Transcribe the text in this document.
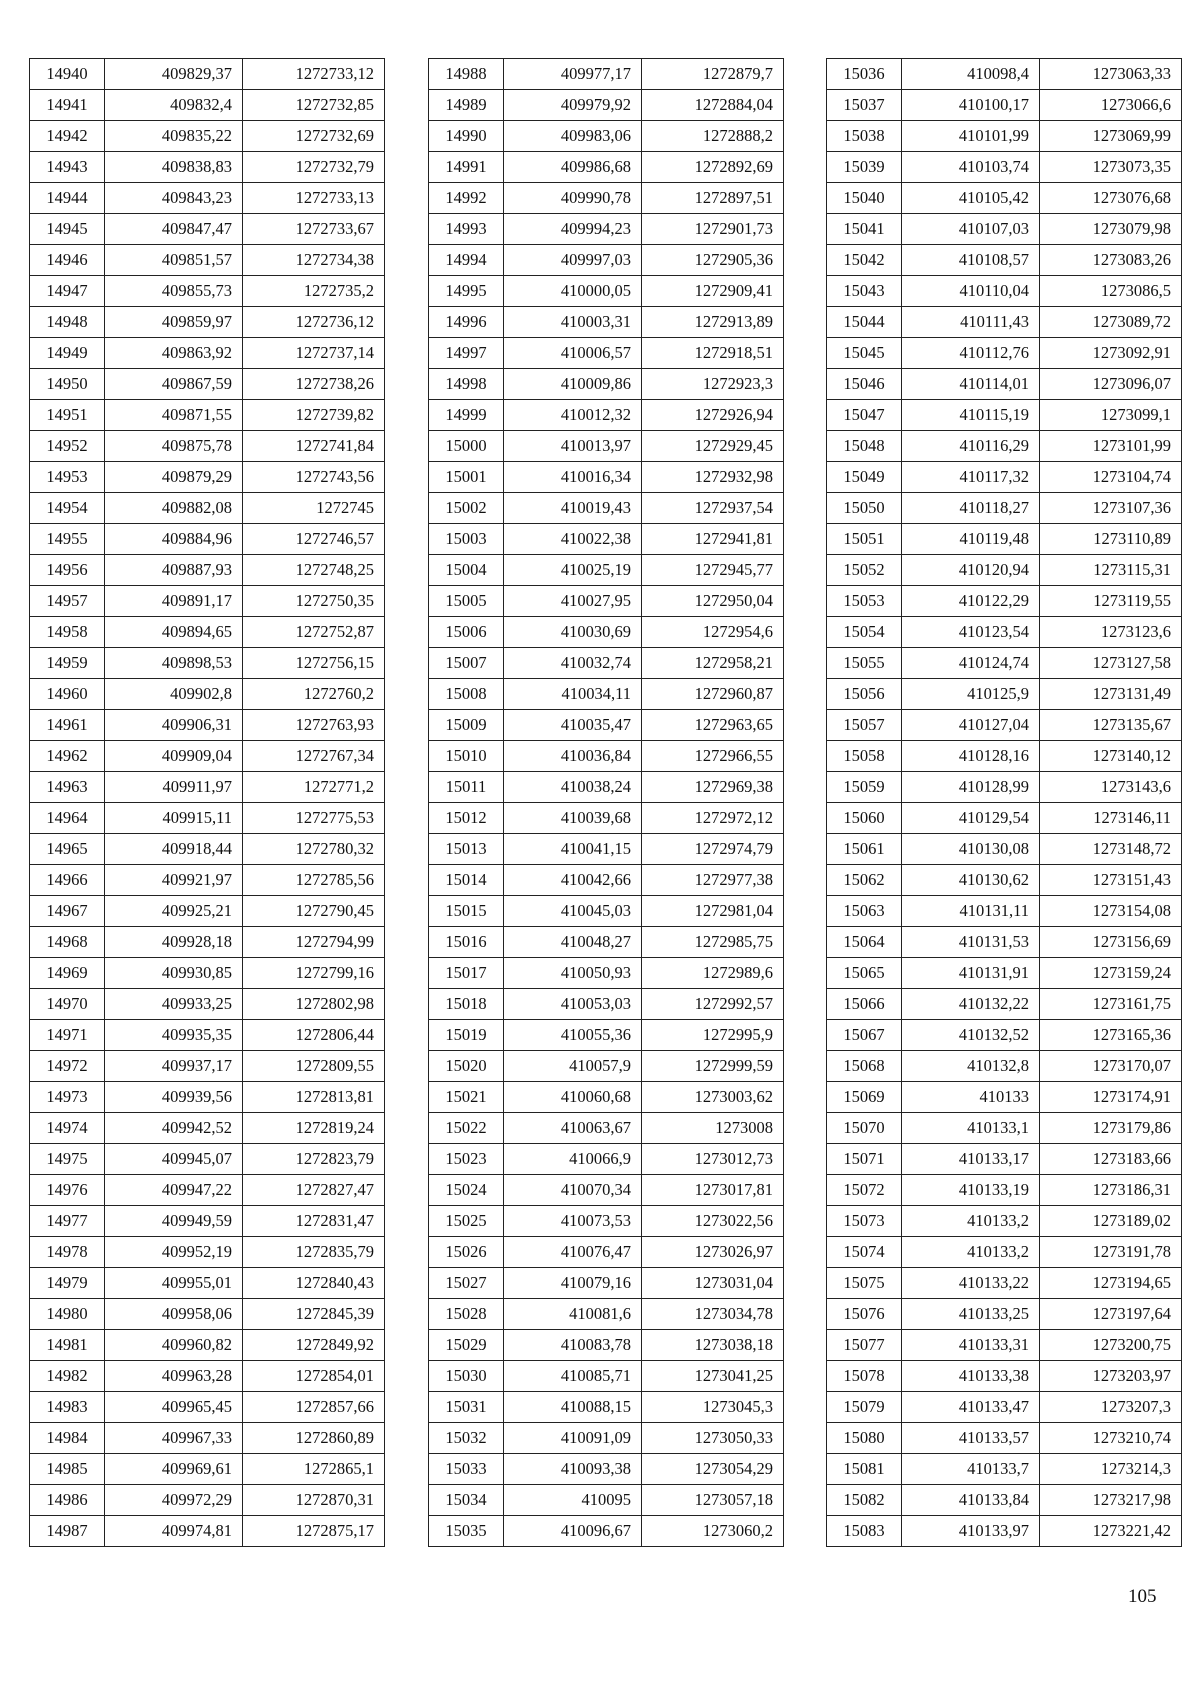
14940	409829,37	1272733,12
14941	409832,4	1272732,85
14942	409835,22	1272732,69
14943	409838,83	1272732,79
14944	409843,23	1272733,13
14945	409847,47	1272733,67
14946	409851,57	1272734,38
14947	409855,73	1272735,2
14948	409859,97	1272736,12
14949	409863,92	1272737,14
14950	409867,59	1272738,26
14951	409871,55	1272739,82
14952	409875,78	1272741,84
14953	409879,29	1272743,56
14954	409882,08	1272745
14955	409884,96	1272746,57
14956	409887,93	1272748,25
14957	409891,17	1272750,35
14958	409894,65	1272752,87
14959	409898,53	1272756,15
14960	409902,8	1272760,2
14961	409906,31	1272763,93
14962	409909,04	1272767,34
14963	409911,97	1272771,2
14964	409915,11	1272775,53
14965	409918,44	1272780,32
14966	409921,97	1272785,56
14967	409925,21	1272790,45
14968	409928,18	1272794,99
14969	409930,85	1272799,16
14970	409933,25	1272802,98
14971	409935,35	1272806,44
14972	409937,17	1272809,55
14973	409939,56	1272813,81
14974	409942,52	1272819,24
14975	409945,07	1272823,79
14976	409947,22	1272827,47
14977	409949,59	1272831,47
14978	409952,19	1272835,79
14979	409955,01	1272840,43
14980	409958,06	1272845,39
14981	409960,82	1272849,92
14982	409963,28	1272854,01
14983	409965,45	1272857,66
14984	409967,33	1272860,89
14985	409969,61	1272865,1
14986	409972,29	1272870,31
14987	409974,81	1272875,17
14988	409977,17	1272879,7
14989	409979,92	1272884,04
14990	409983,06	1272888,2
14991	409986,68	1272892,69
14992	409990,78	1272897,51
14993	409994,23	1272901,73
14994	409997,03	1272905,36
14995	410000,05	1272909,41
14996	410003,31	1272913,89
14997	410006,57	1272918,51
14998	410009,86	1272923,3
14999	410012,32	1272926,94
15000	410013,97	1272929,45
15001	410016,34	1272932,98
15002	410019,43	1272937,54
15003	410022,38	1272941,81
15004	410025,19	1272945,77
15005	410027,95	1272950,04
15006	410030,69	1272954,6
15007	410032,74	1272958,21
15008	410034,11	1272960,87
15009	410035,47	1272963,65
15010	410036,84	1272966,55
15011	410038,24	1272969,38
15012	410039,68	1272972,12
15013	410041,15	1272974,79
15014	410042,66	1272977,38
15015	410045,03	1272981,04
15016	410048,27	1272985,75
15017	410050,93	1272989,6
15018	410053,03	1272992,57
15019	410055,36	1272995,9
15020	410057,9	1272999,59
15021	410060,68	1273003,62
15022	410063,67	1273008
15023	410066,9	1273012,73
15024	410070,34	1273017,81
15025	410073,53	1273022,56
15026	410076,47	1273026,97
15027	410079,16	1273031,04
15028	410081,6	1273034,78
15029	410083,78	1273038,18
15030	410085,71	1273041,25
15031	410088,15	1273045,3
15032	410091,09	1273050,33
15033	410093,38	1273054,29
15034	410095	1273057,18
15035	410096,67	1273060,2
15036	410098,4	1273063,33
15037	410100,17	1273066,6
15038	410101,99	1273069,99
15039	410103,74	1273073,35
15040	410105,42	1273076,68
15041	410107,03	1273079,98
15042	410108,57	1273083,26
15043	410110,04	1273086,5
15044	410111,43	1273089,72
15045	410112,76	1273092,91
15046	410114,01	1273096,07
15047	410115,19	1273099,1
15048	410116,29	1273101,99
15049	410117,32	1273104,74
15050	410118,27	1273107,36
15051	410119,48	1273110,89
15052	410120,94	1273115,31
15053	410122,29	1273119,55
15054	410123,54	1273123,6
15055	410124,74	1273127,58
15056	410125,9	1273131,49
15057	410127,04	1273135,67
15058	410128,16	1273140,12
15059	410128,99	1273143,6
15060	410129,54	1273146,11
15061	410130,08	1273148,72
15062	410130,62	1273151,43
15063	410131,11	1273154,08
15064	410131,53	1273156,69
15065	410131,91	1273159,24
15066	410132,22	1273161,75
15067	410132,52	1273165,36
15068	410132,8	1273170,07
15069	410133	1273174,91
15070	410133,1	1273179,86
15071	410133,17	1273183,66
15072	410133,19	1273186,31
15073	410133,2	1273189,02
15074	410133,2	1273191,78
15075	410133,22	1273194,65
15076	410133,25	1273197,64
15077	410133,31	1273200,75
15078	410133,38	1273203,97
15079	410133,47	1273207,3
15080	410133,57	1273210,74
15081	410133,7	1273214,3
15082	410133,84	1273217,98
15083	410133,97	1273221,42
105
